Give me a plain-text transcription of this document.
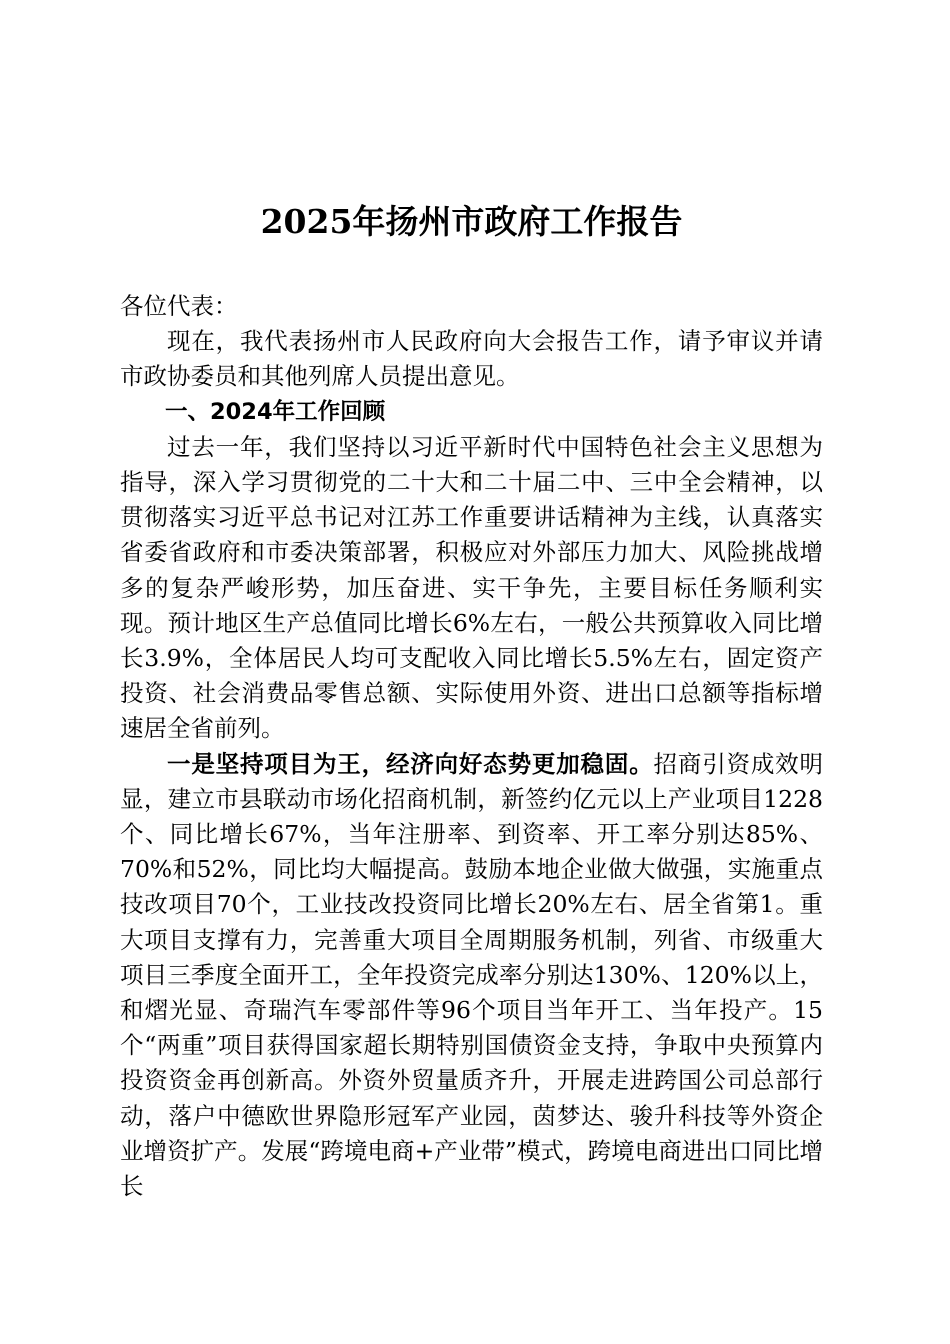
2025年扬州市政府工作报告

各位代表：

现在，我代表扬州市人民政府向大会报告工作，请予审议并请市政协委员和其他列席人员提出意见。

一、2024年工作回顾

过去一年，我们坚持以习近平新时代中国特色社会主义思想为指导，深入学习贯彻党的二十大和二十届二中、三中全会精神，以贯彻落实习近平总书记对江苏工作重要讲话精神为主线，认真落实省委省政府和市委决策部署，积极应对外部压力加大、风险挑战增多的复杂严峻形势，加压奋进、实干争先，主要目标任务顺利实现。预计地区生产总值同比增长6%左右，一般公共预算收入同比增长3.9%，全体居民人均可支配收入同比增长5.5%左右，固定资产投资、社会消费品零售总额、实际使用外资、进出口总额等指标增速居全省前列。

一是坚持项目为王，经济向好态势更加稳固。招商引资成效明显，建立市县联动市场化招商机制，新签约亿元以上产业项目1228个、同比增长67%，当年注册率、到资率、开工率分别达85%、70%和52%，同比均大幅提高。鼓励本地企业做大做强，实施重点技改项目70个，工业技改投资同比增长20%左右、居全省第1。重大项目支撑有力，完善重大项目全周期服务机制，列省、市级重大项目三季度全面开工，全年投资完成率分别达130%、120%以上，和熠光显、奇瑞汽车零部件等96个项目当年开工、当年投产。15个“两重”项目获得国家超长期特别国债资金支持，争取中央预算内投资资金再创新高。外资外贸量质齐升，开展走进跨国公司总部行动，落户中德欧世界隐形冠军产业园，茵梦达、骏升科技等外资企业增资扩产。发展“跨境电商+产业带”模式，跨境电商进出口同比增长
